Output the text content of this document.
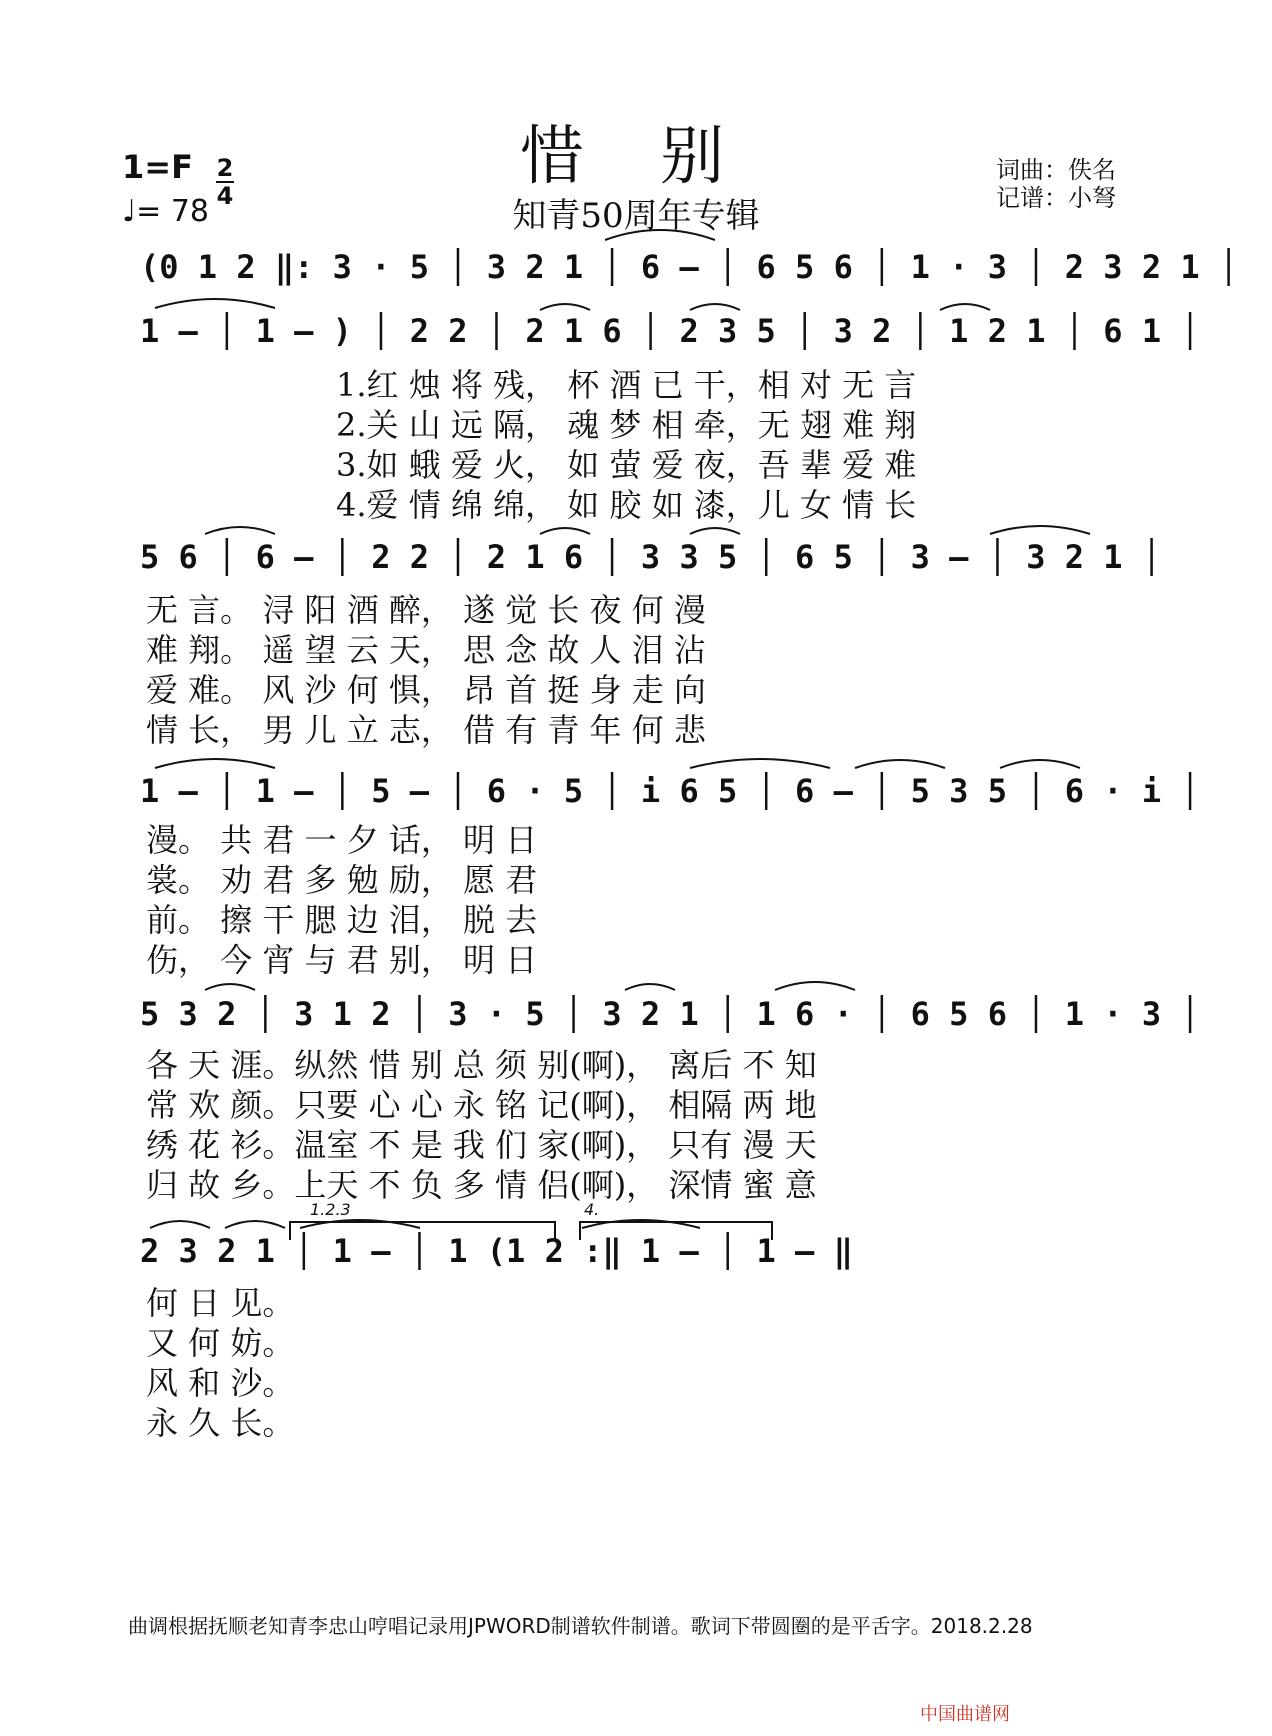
惜 别
知青50周年专辑
1=F 2
4
♩= 78
词曲：佚名
记谱：小弩
(0 1 2 ‖: 3 · 5 │ 3 2 1 │ 6 – │ 6 5 6 │ 1 · 3 │ 2 3 2 1 │
1 – │ 1 – ) │ 2 2 │ 2 1 6 │ 2 3 5 │ 3 2 │ 1 2 1 │ 6 1 │
1.红 烛 将 残， 杯 酒 已 干，相 对 无 言
2.关 山 远 隔， 魂 梦 相 牵，无 翅 难 翔
3.如 蛾 爱 火， 如 萤 爱 夜，吾 辈 爱 难
4.爱 情 绵 绵， 如 胶 如 漆，儿 女 情 长
5 6 │ 6 – │ 2 2 │ 2 1 6 │ 3 3 5 │ 6 5 │ 3 – │ 3 2 1 │
无 言。 浔 阳 酒 醉， 遂 觉 长 夜 何 漫
难 翔。 遥 望 云 天， 思 念 故 人 泪 沾
爱 难。 风 沙 何 惧， 昂 首 挺 身 走 向
情 长， 男 儿 立 志， 借 有 青 年 何 悲
1 – │ 1 – │ 5 – │ 6 · 5 │ i 6 5 │ 6 – │ 5 3 5 │ 6 · i │
漫。 共 君 一 夕 话， 明 日
裳。 劝 君 多 勉 励， 愿 君
前。 擦 干 腮 边 泪， 脱 去
伤， 今 宵 与 君 别， 明 日
5 3 2 │ 3 1 2 │ 3 · 5 │ 3 2 1 │ 1 6 · │ 6 5 6 │ 1 · 3 │
各 天 涯。纵然 惜 别 总 须 别(啊)， 离后 不 知
常 欢 颜。只要 心 心 永 铭 记(啊)， 相隔 两 地
绣 花 衫。温室 不 是 我 们 家(啊)， 只有 漫 天
归 故 乡。上天 不 负 多 情 侣(啊)， 深情 蜜 意
1.2.3	4.
2 3 2 1 │ 1 – │ 1 (1 2 :‖ 1 – │ 1 – ‖
何 日 见。
又 何 妨。
风 和 沙。
永 久 长。
曲调根据抚顺老知青李忠山哼唱记录用JPWORD制谱软件制谱。歌词下带圆圈的是平舌字。2018.2.28
中国曲谱网
